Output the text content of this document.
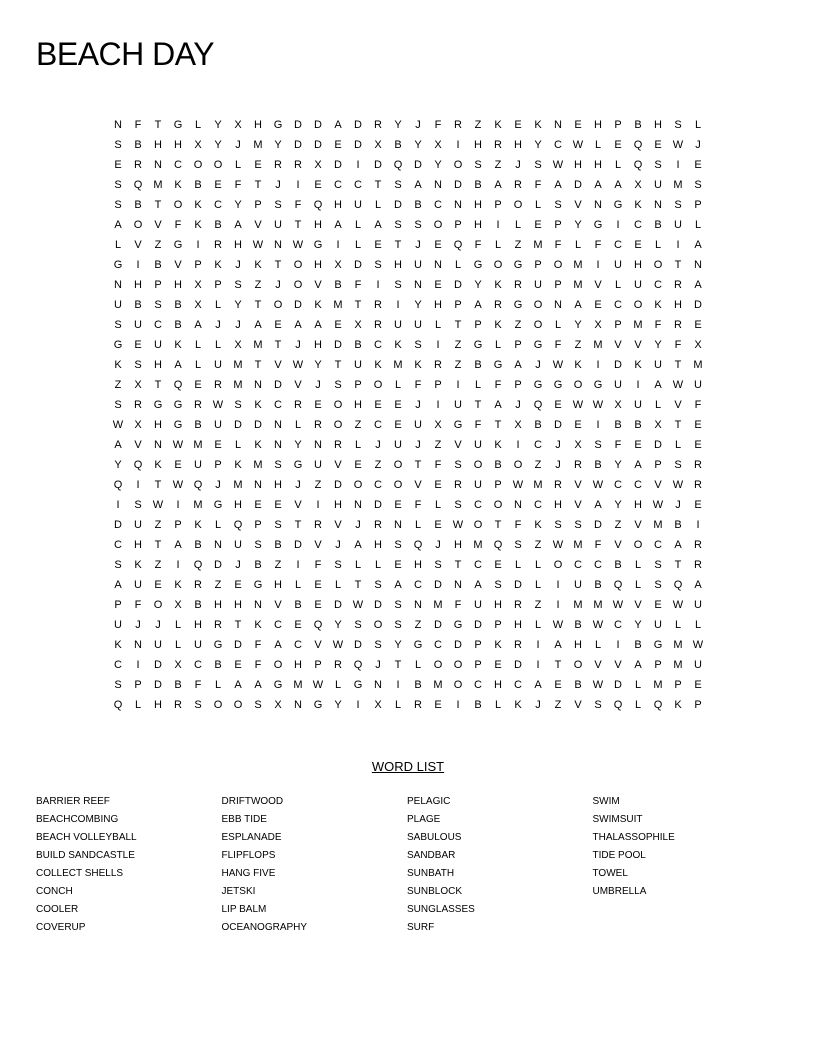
BEACH DAY
N	F	T	G	L	Y	X	H	G	D	D	A	D	R	Y	J	F	R	Z	K	E	K	N	E	H	P	B	H	S	L
S	B	H	H	X	Y	J	M	Y	D	D	E	D	X	B	Y	X	I	H	R	H	Y	C W	L	E	Q	E	W	J
E	R	N	C	O	O	L	E	R	R	X	D	I	D	Q	D	Y	O	S	Z	J	S	W H	H	L	Q	S	I	E
S	Q	M	K	B	E	F	T	J	I	E	C	C	T	S	A	N	D	B	A	R	F	A	D	A	A	X	U	M	S
S	B	T	O	K	C	Y	P	S	F	Q	H	U	L	D	B	C	N	H	P	O	L	S	V	N	G	K	N	S	P
A	O	V	F	K	B	A	V	U	T	H	A	L	A	S	S	O	P	H	I	L	E	P	Y	G	I	C	B	U	L
L	V	Z	G	I	R	H W N W G	I	L	E	T	J	E	Q	F	L	Z	M	F	L	F	C	E	L	I	A
G	I	B	V	P	K	J	K	T	O	H	X	D	S	H	U	N	L	G	O	G	P	O	M	I	U	H	O	T	N
N	H	P	H	X	P	S	Z	J	O	V	B	F	I	S	N	E	D	Y	K	R	U	P	M	V	L	U	C	R	A
U	B	S	B	X	L	Y	T	O	D	K	M	T	R	I	Y	H	P	A	R	G	O	N	A	E	C	O	K	H	D
S	U	C	B	A	J	J	A	E	A	A	E	X	R	U	U	L	T	P	K	Z	O	L	Y	X	P	M	F	R	E
G	E	U	K	L	L	X	M	T	J	H	D	B	C	K	S	I	Z	G	L	P	G	F	Z	M	V	V	Y	F	X
K	S	H	A	L	U	M	T	V	W	Y	T	U	K	M	K	R	Z	B	G	A	J	W	K	I	D	K	U	T	M
Z	X	T	Q	E	R	M	N	D	V	J	S	P	O	L	F	P	I	L	F	P	G	G	O	G	U	I	A	W U
S	R	G	G	R W	S	K	C	R	E	O	H	E	E	J	I	U	T	A	J	Q	E	W W	X	U	L	V	F
W	X	H	G	B	U	D	D	N	L	R	O	Z	C	E	U	X	G	F	T	X	B	D	E	I	B	B	X	T	E
A	V	N W M	E	L	K	N	Y	N	R	L	J	U	J	Z	V	U	K	I	C	J	X	S	F	E	D	L	E
Y	Q	K	E	U	P	K	M	S	G	U	V	E	Z	O	T	F	S	O	B	O	Z	J	R	B	Y	A	P	S	R
Q	I	T	W Q	J	M	N	H	J	Z	D	O	C	O	V	E	R	U	P	W M	R	V	W C	C	V	W R
I	S	W	I	M	G	H	E	E	V	I	H	N	D	E	F	L	S	C	O	N	C	H	V	A	Y	H W	J	E
D	U	Z	P	K	L	Q	P	S	T	R	V	J	R	N	L	E	W O	T	F	K	S	S	D	Z	V	M	B	I
C	H	T	A	B	N	U	S	B	D	V	J	A	H	S	Q	J	H	M	Q	S	Z	W M	F	V	O	C	A	R
S	K	Z	I	Q	D	J	B	Z	I	F	S	L	L	E	H	S	T	C	E	L	L	O	C	C	B	L	S	T	R
A	U	E	K	R	Z	E	G	H	L	E	L	T	S	A	C	D	N	A	S	D	L	I	U	B	Q	L	S	Q	A
P	F	O	X	B	H	H	N	V	B	E	D W D	S	N	M	F	U	H	R	Z	I	M M W	V	E	W U
U	J	J	L	H	R	T	K	C	E	Q	Y	S	O	S	Z	D	G	D	P	H	L	W	B	W C	Y	U	L	L
K	N	U	L	U	G	D	F	A	C	V	W D	S	Y	G	C	D	P	K	R	I	A	H	L	I	B	G	M W
C	I	D	X	C	B	E	F	O	H	P	R	Q	J	T	L	O	O	P	E	D	I	T	O	V	V	A	P	M	U
S	P	D	B	F	L	A	A	G	M W	L	G	N	I	B	M	O	C	H	C	A	E	B	W D	L	M	P	E
Q	L	H	R	S	O	O	S	X	N	G	Y	I	X	L	R	E	I	B	L	K	J	Z	V	S	Q	L	Q	K	P
WORD LIST
BARRIER REEF
BEACHCOMBING
BEACH VOLLEYBALL
BUILD SANDCASTLE
COLLECT SHELLS
CONCH
COOLER
COVERUP
DRIFTWOOD
EBB TIDE
ESPLANADE
FLIPFLOPS
HANG FIVE
JETSKI
LIP BALM
OCEANOGRAPHY
PELAGIC
PLAGE
SABULOUS
SANDBAR
SUNBATH
SUNBLOCK
SUNGLASSES
SURF
SWIM
SWIMSUIT
THALASSOPHILE
TIDE POOL
TOWEL
UMBRELLA
